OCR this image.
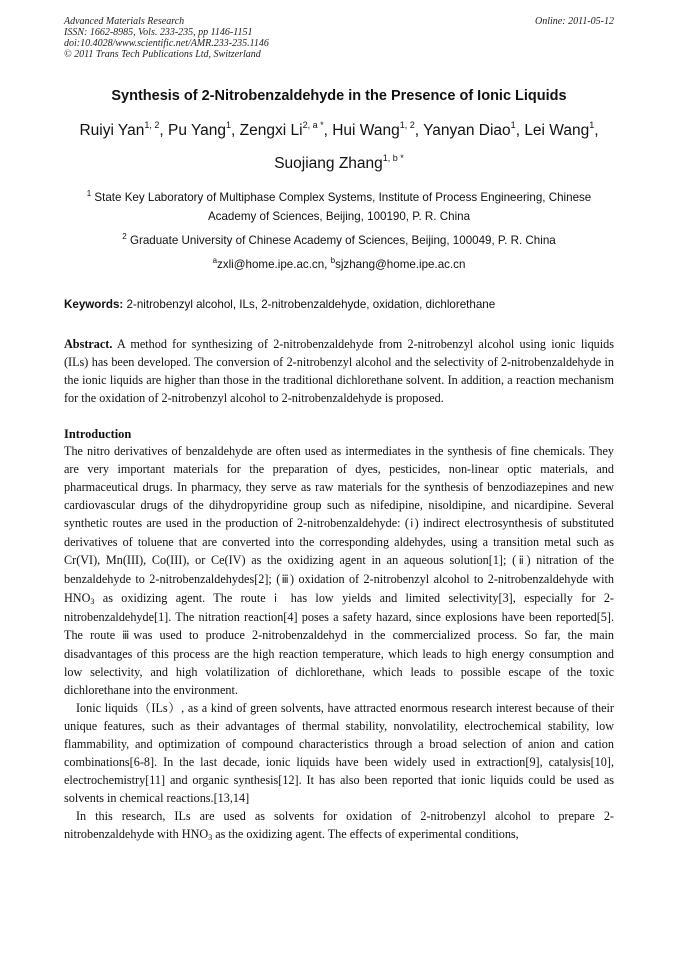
Advanced Materials Research
ISSN: 1662-8985, Vols. 233-235, pp 1146-1151
doi:10.4028/www.scientific.net/AMR.233-235.1146
© 2011 Trans Tech Publications Ltd, Switzerland
Online: 2011-05-12
Synthesis of 2-Nitrobenzaldehyde in the Presence of Ionic Liquids
Ruiyi Yan$^{1, 2}$, Pu Yang$^1$, Zengxi $Li^{2, a *}$, Hui Wang$^{1, 2}$, Yanyan Diao$^1$, Lei Wang$^1$,
Suojiang Zhang$^{1, b *}$

$^1$ State Key Laboratory of Multiphase Complex Systems, Institute of Process Engineering, Chinese Academy of Sciences, Beijing, 100190, P. R. China

$^2$ Graduate University of Chinese Academy of Sciences, Beijing, 100049, P. R. China

$^a$zxli@home.ipe.ac.cn, $^b$sjzhang@home.ipe.ac.cn

Keywords: 2-nitrobenzyl alcohol, ILs, 2-nitrobenzaldehyde, oxidation, dichlorethane
Abstract. A method for synthesizing of 2-nitrobenzaldehyde from 2-nitrobenzyl alcohol using ionic liquids (ILs) has been developed. The conversion of 2-nitrobenzyl alcohol and the selectivity of 2-nitrobenzaldehyde in the ionic liquids are higher than those in the traditional dichlorethane solvent. In addition, a reaction mechanism for the oxidation of 2-nitrobenzyl alcohol to 2-nitrobenzaldehyde is proposed.
Introduction

The nitro derivatives of benzaldehyde are often used as intermediates in the synthesis of fine chemicals. They are very important materials for the preparation of dyes, pesticides, non-linear optic materials, and pharmaceutical drugs. In pharmacy, they serve as raw materials for the synthesis of benzodiazepines and new cardiovascular drugs of the dihydropyridine group such as nifedipine, nisoldipine, and nicardipine. Several synthetic routes are used in the production of 2-nitrobenzaldehyde: (ⅰ) indirect electrosynthesis of substituted derivatives of toluene that are converted into the corresponding aldehydes, using a transition metal such as Cr(VI), Mn(III), Co(III), or Ce(IV) as the oxidizing agent in an aqueous solution[1]; (ⅱ) nitration of the benzaldehyde to 2-nitrobenzaldehydes[2]; (ⅲ) oxidation of 2-nitrobenzyl alcohol to 2-nitrobenzaldehyde with $HNO_3$ as oxidizing agent. The route ⅰ has low yields and limited selectivity[3], especially for 2-nitrobenzaldehyde[1]. The nitration reaction[4] poses a safety hazard, since explosions have been reported[5]. The route ⅲwas used to produce 2-nitrobenzaldehyd in the commercialized process. So far, the main disadvantages of this process are the high reaction temperature, which leads to high energy consumption and low selectivity, and high volatilization of dichlorethane, which leads to possible escape of the toxic dichlorethane into the environment.

Ionic liquids（ILs）, as a kind of green solvents, have attracted enormous research interest because of their unique features, such as their advantages of thermal stability, nonvolatility, electrochemical stability, low flammability, and optimization of compound characteristics through a broad selection of anion and cation combinations[6-8]. In the last decade, ionic liquids have been widely used in extraction[9], catalysis[10], electrochemistry[11] and organic synthesis[12]. It has also been reported that ionic liquids could be used as solvents in chemical reactions.[13,14]

In this research, ILs are used as solvents for oxidation of 2-nitrobenzyl alcohol to prepare 2-nitrobenzaldehyde with $HNO_3$ as the oxidizing agent. The effects of experimental conditions,
